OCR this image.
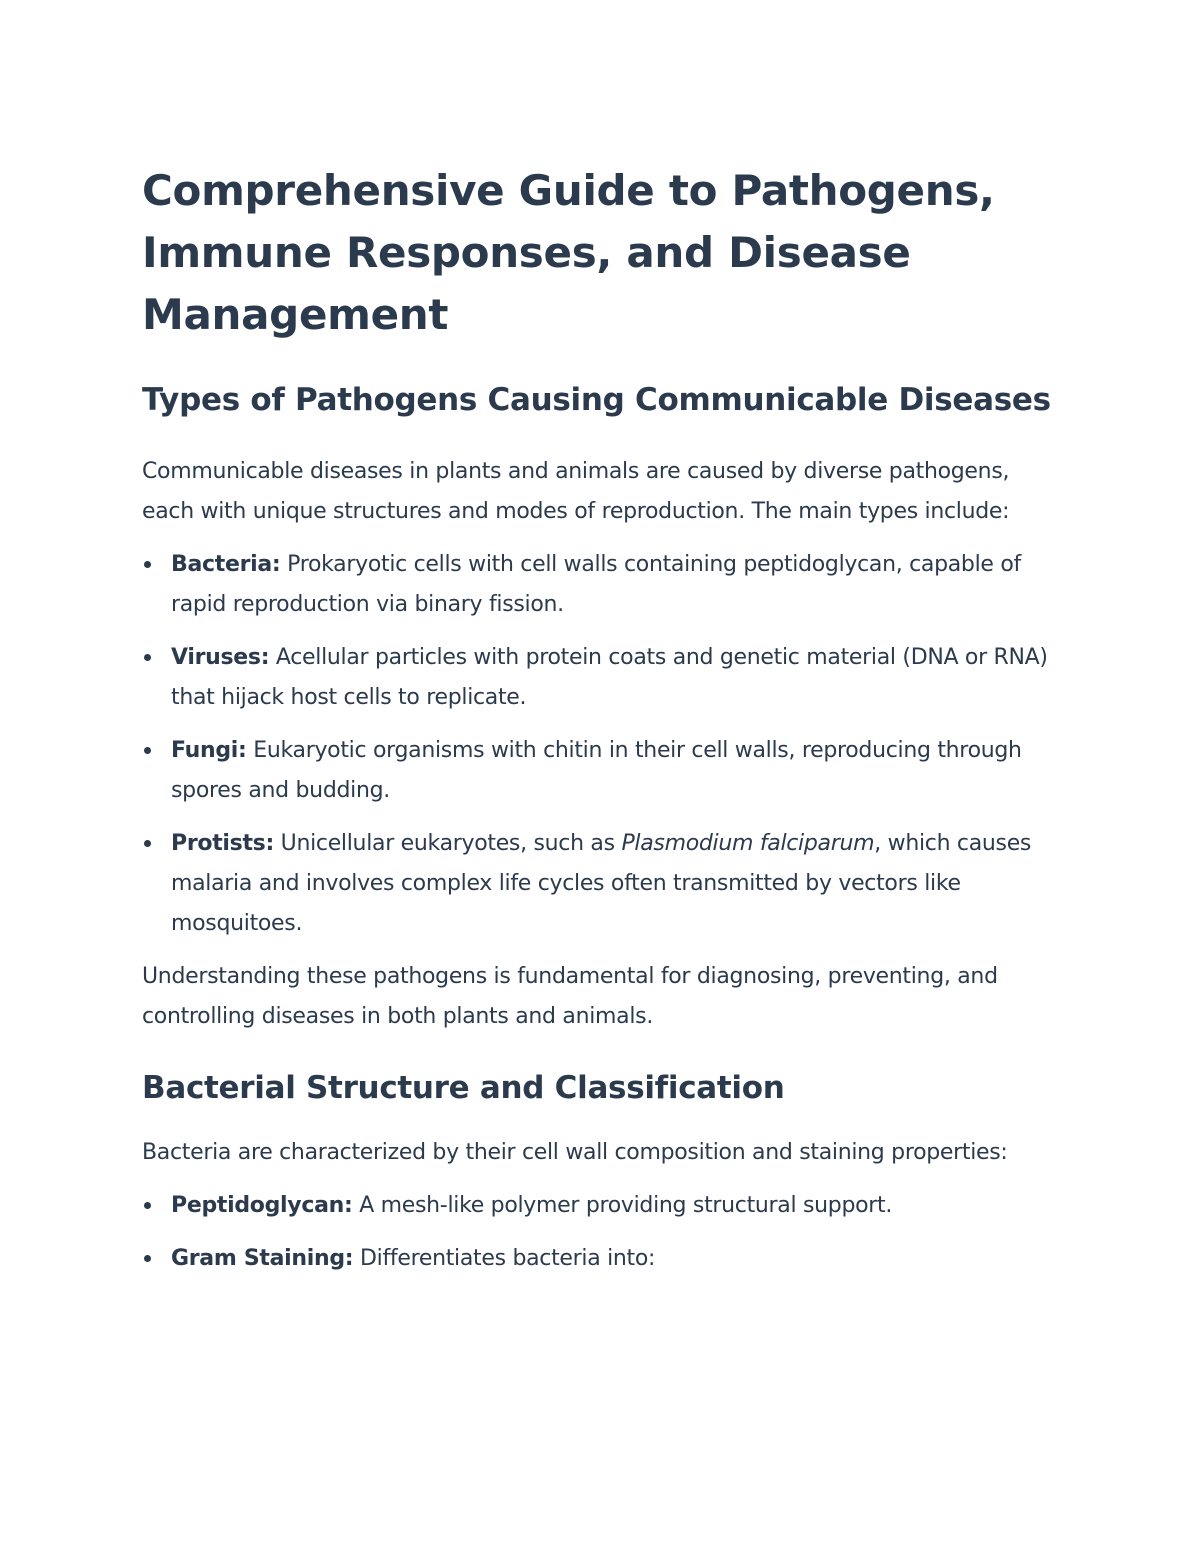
Comprehensive Guide to Pathogens, Immune Responses, and Disease Management
Types of Pathogens Causing Communicable Diseases

Communicable diseases in plants and animals are caused by diverse pathogens, each with unique structures and modes of reproduction. The main types include:

Bacteria: Prokaryotic cells with cell walls containing peptidoglycan, capable of rapid reproduction via binary fission.
Viruses: Acellular particles with protein coats and genetic material (DNA or RNA) that hijack host cells to replicate.
Fungi: Eukaryotic organisms with chitin in their cell walls, reproducing through spores and budding.
Protists: Unicellular eukaryotes, such as Plasmodium falciparum, which causes malaria and involves complex life cycles often transmitted by vectors like mosquitoes.

Understanding these pathogens is fundamental for diagnosing, preventing, and controlling diseases in both plants and animals.

Bacterial Structure and Classification

Bacteria are characterized by their cell wall composition and staining properties:

Peptidoglycan: A mesh-like polymer providing structural support.
Gram Staining: Differentiates bacteria into:
